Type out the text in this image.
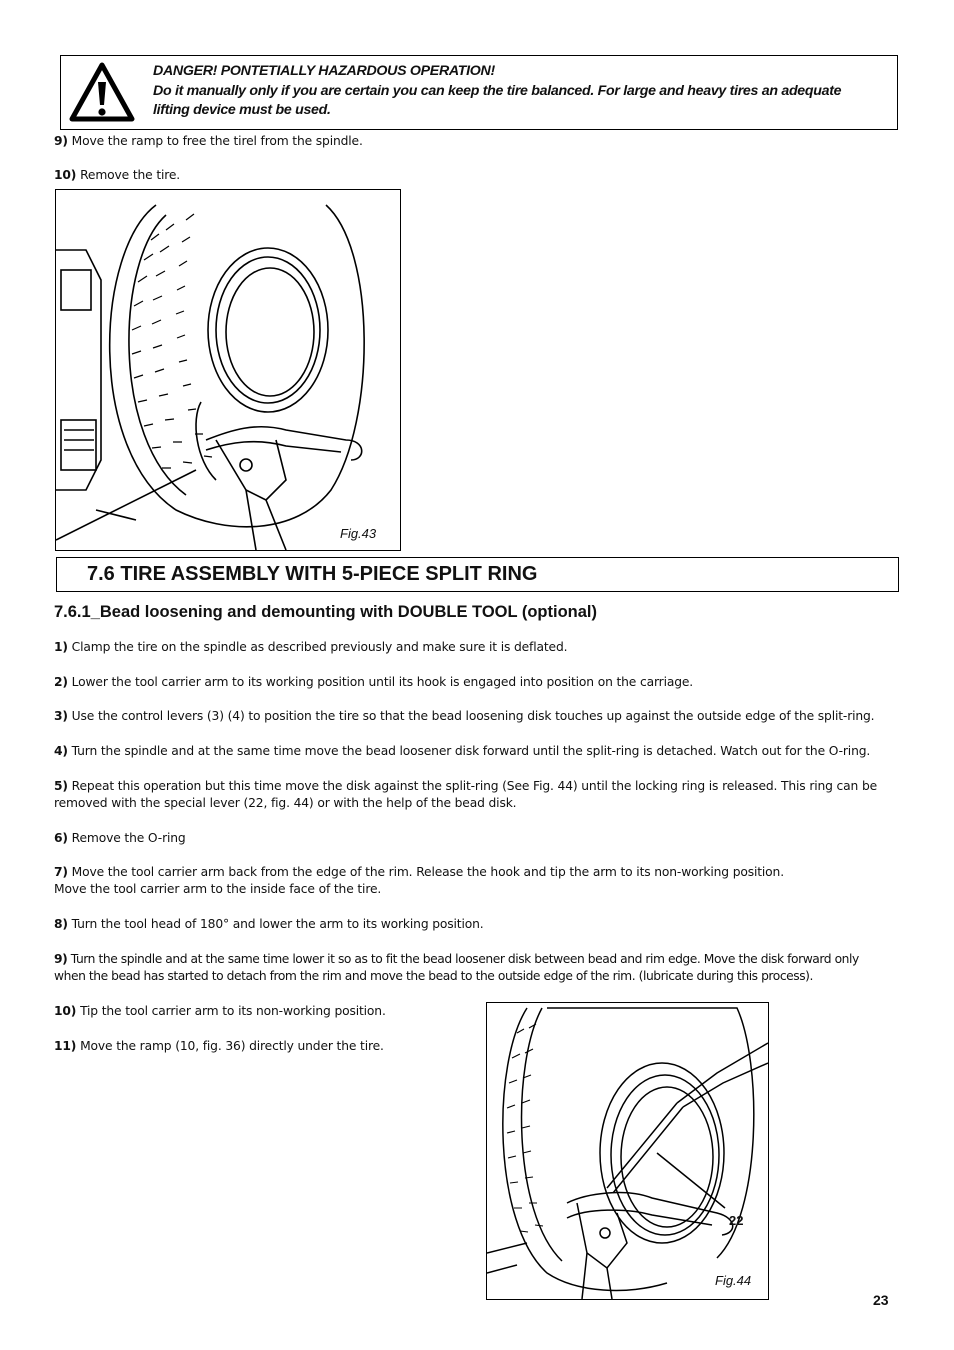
DANGER! PONTETIALLY HAZARDOUS OPERATION!
Do it manually only if you are certain you can keep the tire balanced. For large and heavy tires an adequate
lifting device must be used.
9) Move the ramp to free the tirel from the spindle.
10) Remove the tire.
Fig.43
7.6 TIRE ASSEMBLY WITH 5-PIECE SPLIT RING
7.6.1_Bead loosening and demounting with DOUBLE TOOL (optional)
1) Clamp the tire on the spindle as described previously and make sure it is deflated.
2) Lower the tool carrier arm to its working position until its hook is engaged into position on the carriage.
3) Use the control levers (3) (4) to position the tire so that the bead loosening disk touches up against the outside edge of the split-ring.
4) Turn the spindle and at the same time move the bead loosener disk forward until the split-ring is detached. Watch out for the O-ring.
5) Repeat this operation but this time move the disk against the split-ring (See Fig. 44) until the locking ring is released. This ring can be
removed with the special lever (22, fig. 44) or with the help of the bead disk.
6) Remove the O-ring
7) Move the tool carrier arm back from the edge of the rim. Release the hook and tip the arm to its non-working position.
Move the tool carrier arm to the inside face of the tire.
8) Turn the tool head of 180° and lower the arm to its working position.
9) Turn the spindle and at the same time lower it so as to fit the bead loosener disk between bead and rim edge. Move the disk forward only
when the bead has started to detach from the rim and move the bead to the outside edge of the rim. (lubricate during this process).
10) Tip the tool carrier arm to its non-working position.
11) Move the ramp (10, fig. 36) directly under the tire.
22
Fig.44
23
